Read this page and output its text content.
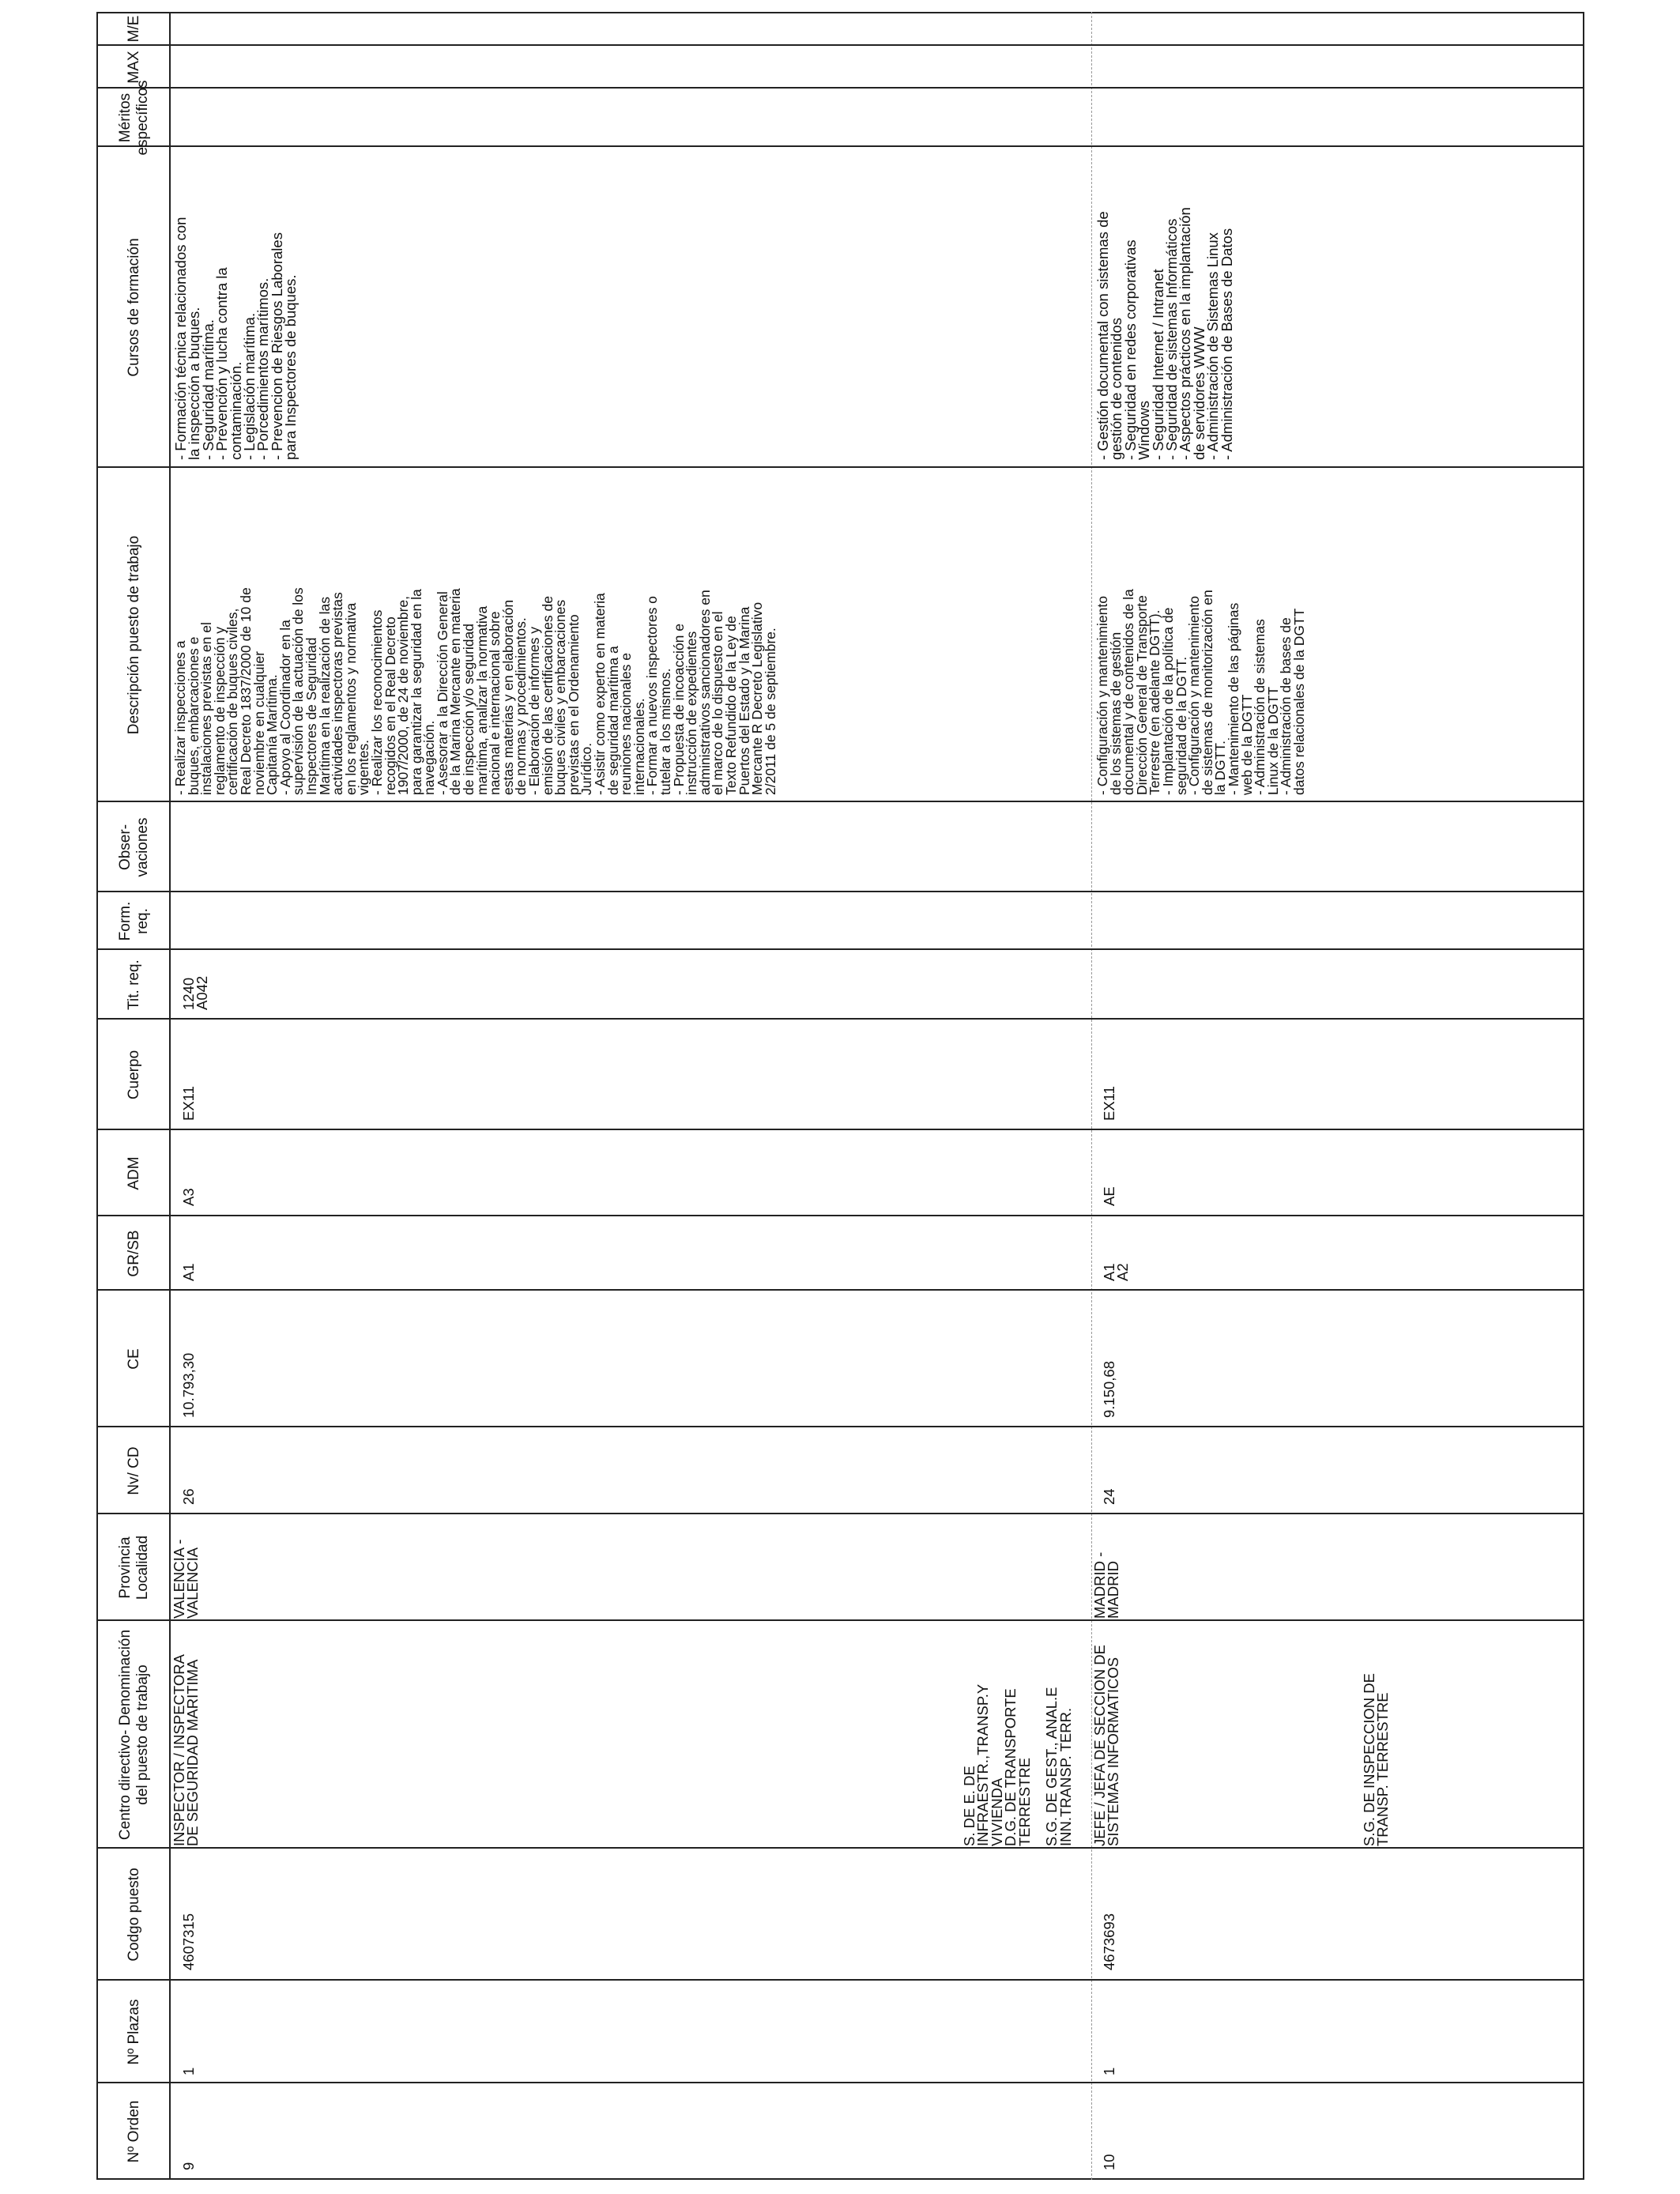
Nº Orden
Nº Plazas
Codgo puesto
Centro directivo- Denominación del puesto de trabajo
Provincia Localidad
Nv/ CD
CE
GR/SB
ADM
Cuerpo
Tit. req.
Form. req.
Obser- vaciones
Descripción puesto de trabajo
Cursos de formación
MAX
M/E
9
1
4607315
INSPECTOR / INSPECTORA
DE SEGURIDAD MARITIMA
VALENCIA -
VALENCIA
26
10.793,30
A1
A3
EX11
1240
A042
- Realizar inspecciones a
buques, embarcaciones e
instalaciones previstas en el
reglamento de inspección y
certificación de buques civiles,
Real Decreto 1837/2000 de 10 de
noviembre en cualquier
Capitanía Marítima.
- Apoyo al Coordinador en la
supervisión de la actuación de los
Inspectores de Seguridad
Marítima en la realización de las
actividades inspectoras previstas
en los reglamentos y normativa
vigentes.
- Realizar los reconocimientos
recogidos en el Real Decreto
1907/2000, de 24 de noviembre,
para garantizar la seguridad en la
navegación.
- Asesorar a la Dirección General
de la Marina Mercante en materia
de inspección y/o seguridad
marítima, analizar la normativa
nacional e internacional sobre
estas materias y en elaboración
de normas y procedimientos.
- Elaboración de informes y
emisión de las certificaciones de
buques civiles y embarcaciones
previstas en el Ordenamiento
Jurídico.
- Asistir como experto en materia
de seguridad marítima a
reuniones nacionales e
internacionales.
- Formar a nuevos inspectores o
tutelar a los mismos.
- Propuesta de incoacción e
instrucción de expedientes
administrativos sancionadores en
el marco de lo dispuesto en el
Texto Refundido de la Ley de
Puertos del Estado y la Marina
Mercante R Decreto Legislativo
2/2011 de 5 de septiembre.
- Formación técnica relacionados con
la inspección a buques.
- Seguridad marítima.
- Prevención y lucha contra la
contaminación.
- Legislación marítima.
- Porcedimientos marítimos.
- Prevencion de Riesgos Laborales
para Inspectores de buques.
10
1
4673693
S. DE E. DE
INFRAESTR.,TRANSP.Y
VIVIENDA
D.G. DE TRANSPORTE
TERRESTRE

S.G. DE GEST., ANAL.E
INN.TRANSP. TERR.
JEFE / JEFA DE SECCION DE
SISTEMAS INFORMATICOS
MADRID -
MADRID
24
9.150,68
A1
A2
AE
EX11
- Configuración y mantenimiento
de los sistemas de gestión
documental y de contenidos de la
Dirección General de Transporte
Terrestre (en adelante DGTT).
- Implantación de la política de
seguridad de la DGTT.
- Configuración y mantenimiento
de sistemas de monitorización en
la DGTT.
- Mantenimiento de las páginas
web de la DGTT
- Administración de sistemas
Linux de la DGTT
- Administración de bases de
datos relacionales de la DGTT
- Gestión documental con sistemas de
gestión de contenidos
- Seguridad en redes corporativas
Windows
- Seguridad Internet / Intranet
- Seguridad de sistemas Informáticos
- Aspectos prácticos en la implantación
de servidores WWW
- Administración de Sistemas Linux
- Administración de Bases de Datos
S.G. DE INSPECCION DE
TRANSP. TERRESTRE
Méritos específicos
